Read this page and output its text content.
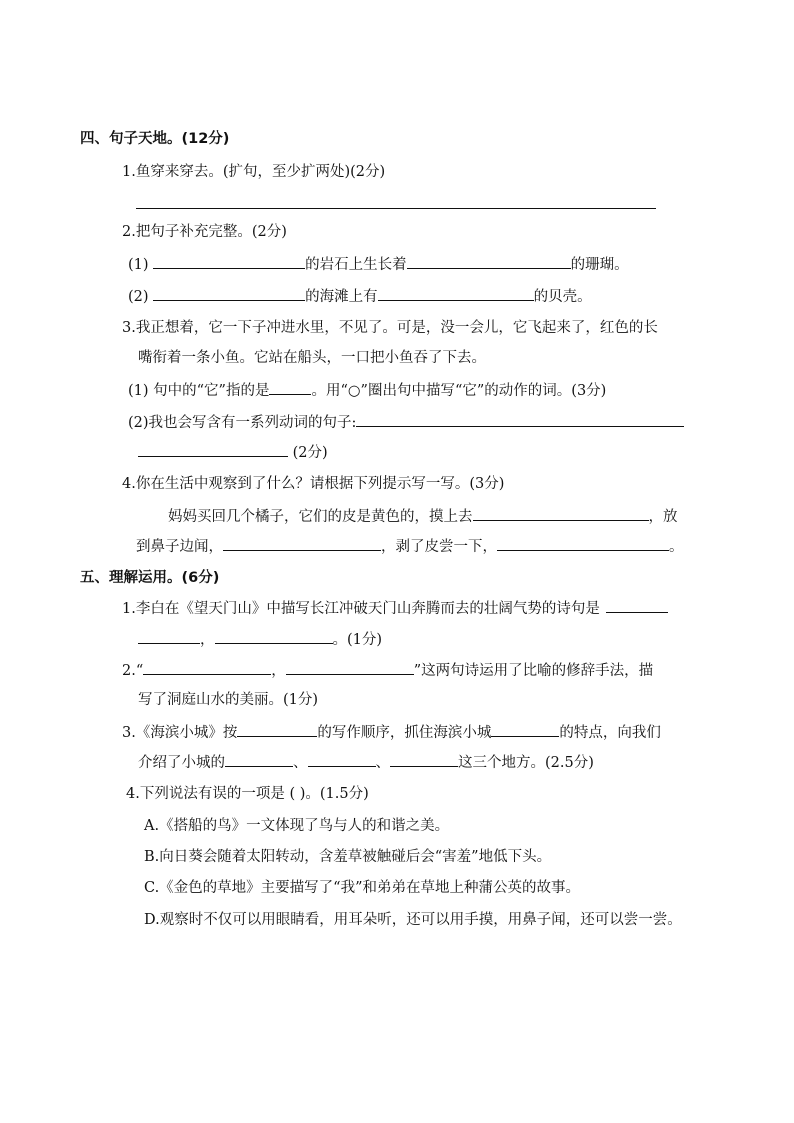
四、句子天地。(12分)
1.鱼穿来穿去。(扩句，至少扩两处)(2分)
2.把句子补充完整。(2分)
(1)	的岩石上生长着	的珊瑚。
(2)	的海滩上有	的贝壳。
3.我正想着，它一下子冲进水里，不见了。可是，没一会儿，它飞起来了，红色的长
嘴衔着一条小鱼。它站在船头，一口把小鱼吞了下去。
(1) 句中的“它”指的是	。用“○”圈出句中描写“它”的动作的词。(3分)
(2)我也会写含有一系列动词的句子:
(2分)
4.你在生活中观察到了什么？请根据下列提示写一写。(3分)
妈妈买回几个橘子，它们的皮是黄色的，摸上去	，放
到鼻子边闻，	，剥了皮尝一下，	。
五、理解运用。(6分)
1.李白在《望天门山》中描写长江冲破天门山奔腾而去的壮阔气势的诗句是
，	。(1分)
2.“	，	”这两句诗运用了比喻的修辞手法，描
写了洞庭山水的美丽。(1分)
3.《海滨小城》按	的写作顺序，抓住海滨小城	的特点，向我们
介绍了小城的	、	、	这三个地方。(2.5分)
4.下列说法有误的一项是 ( )。(1.5分)
A.《搭船的鸟》一文体现了鸟与人的和谐之美。
B.向日葵会随着太阳转动，含羞草被触碰后会“害羞”地低下头。
C.《金色的草地》主要描写了“我”和弟弟在草地上种蒲公英的故事。
D.观察时不仅可以用眼睛看，用耳朵听，还可以用手摸，用鼻子闻，还可以尝一尝。
